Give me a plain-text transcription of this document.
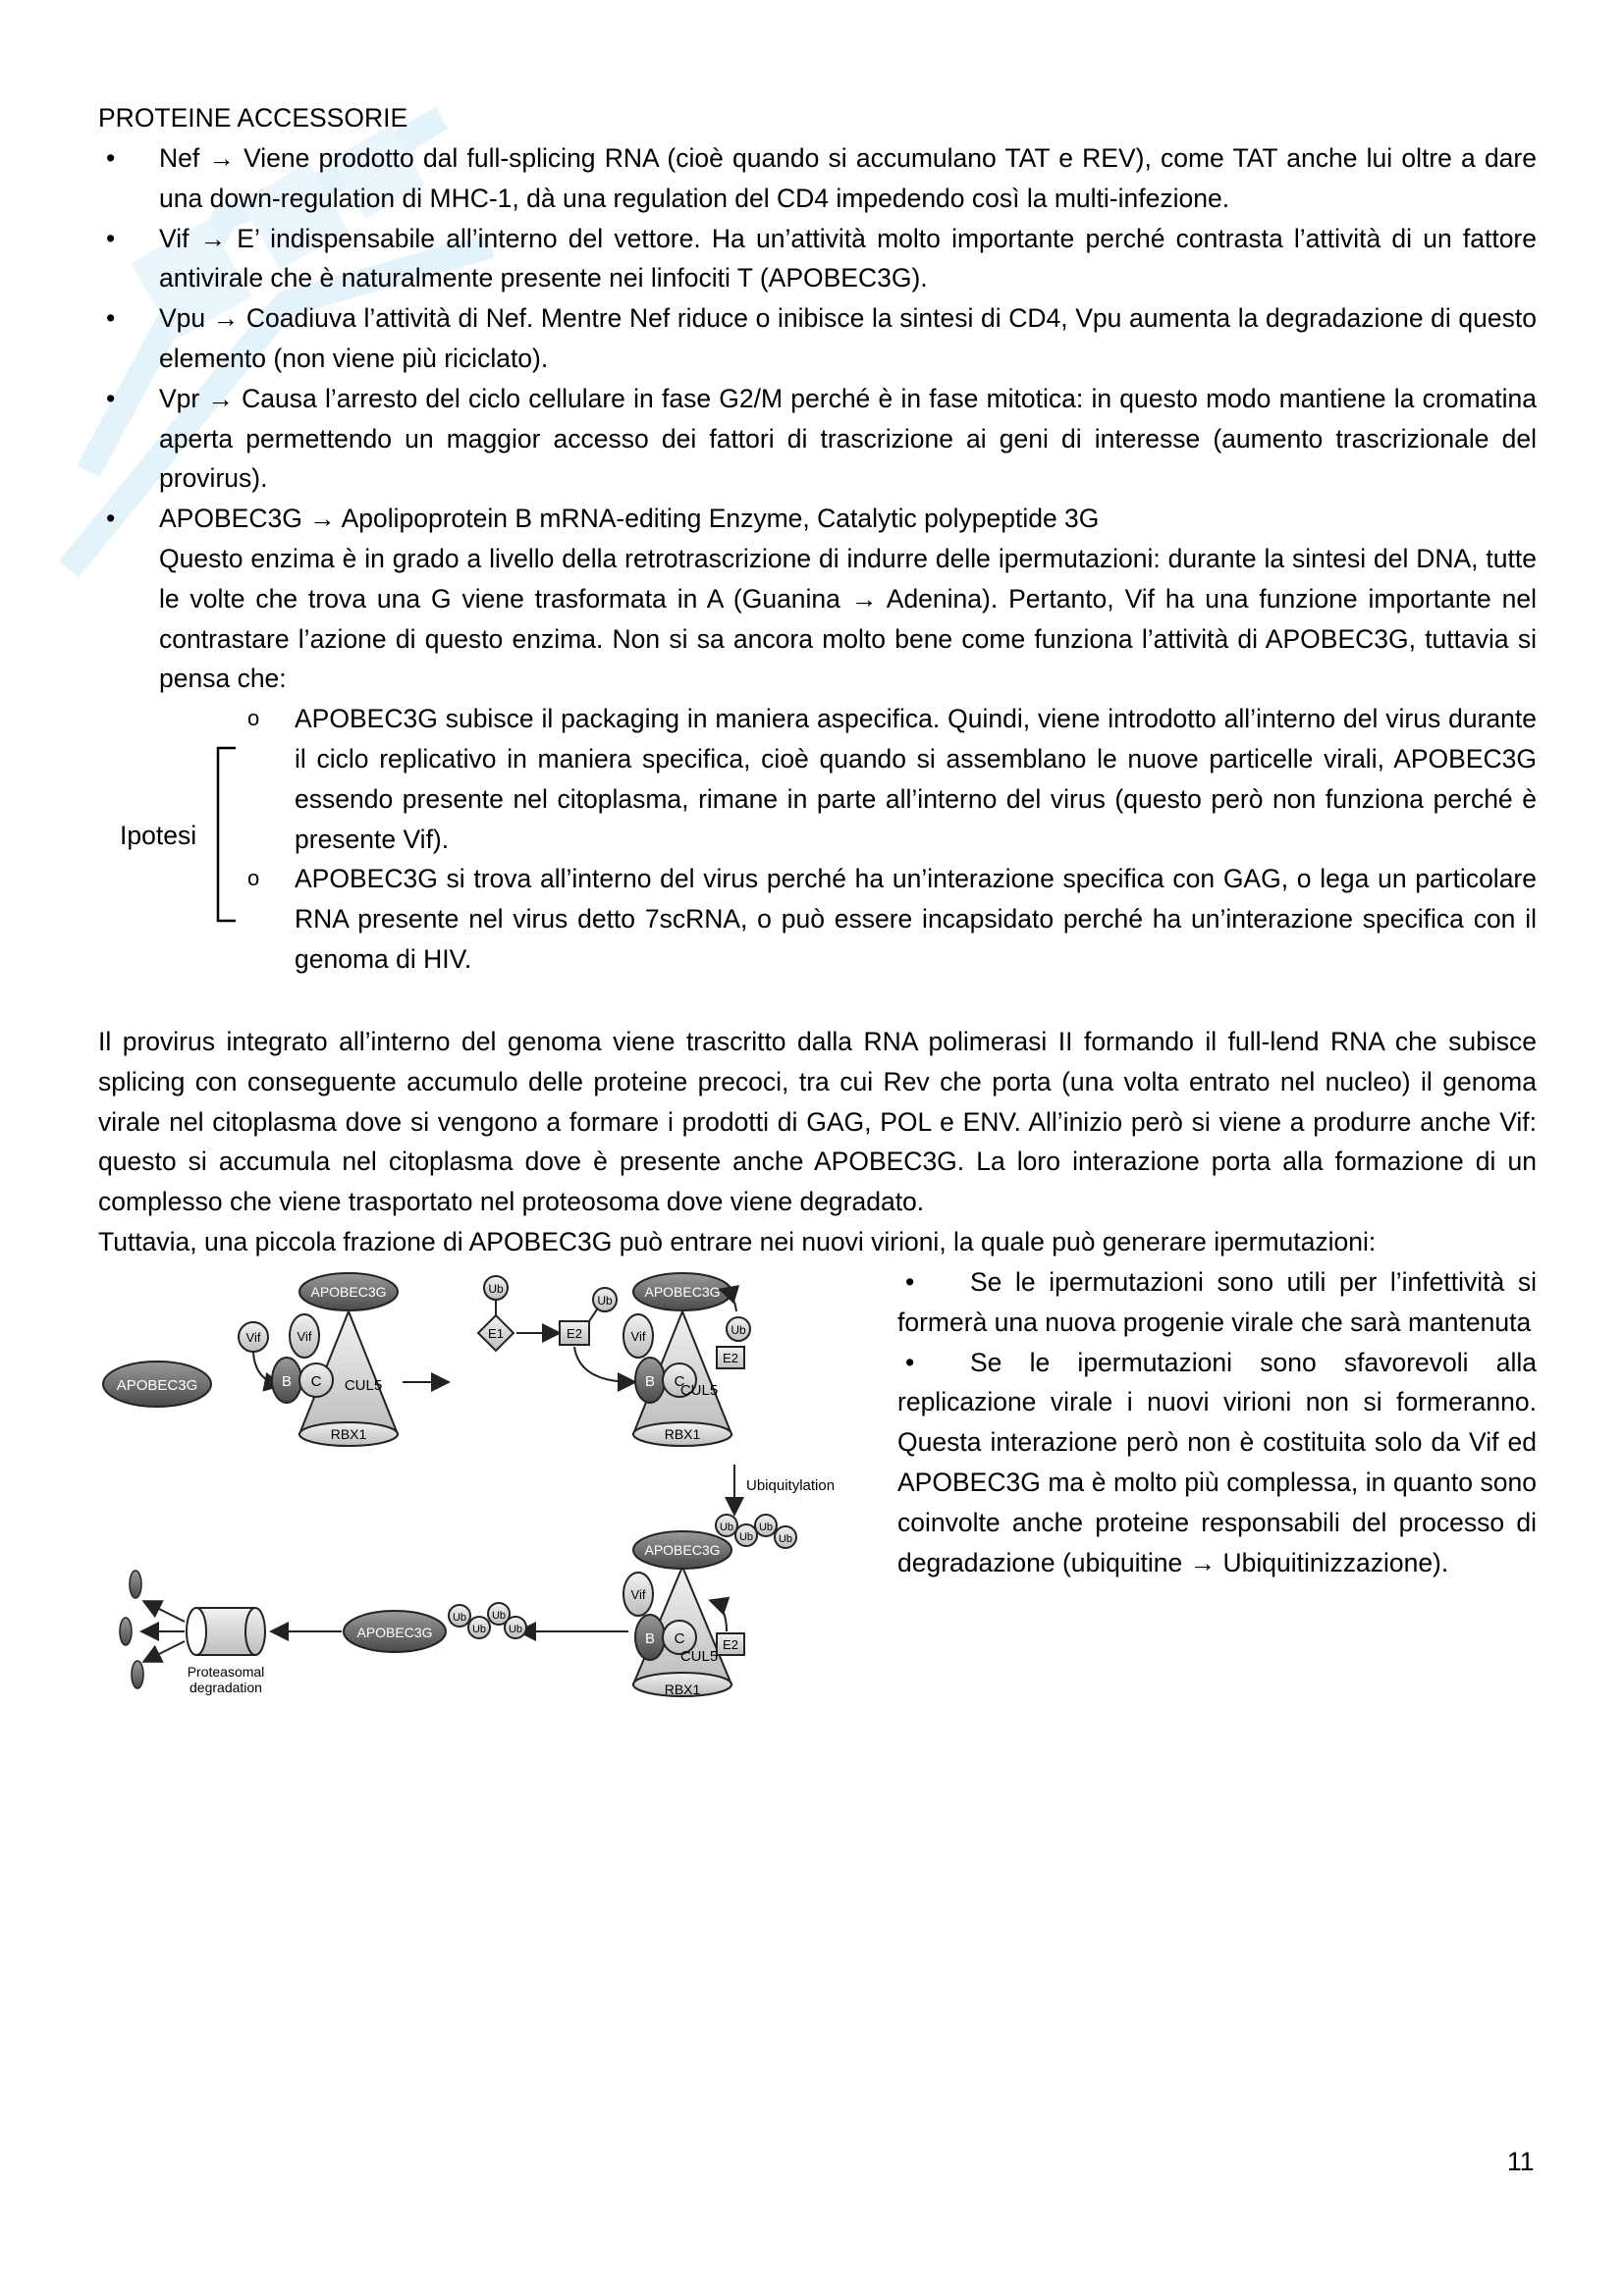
PROTEINE ACCESSORIE
• Nef → Viene prodotto dal full-splicing RNA (cioè quando si accumulano TAT e REV), come TAT anche lui oltre a dare una down-regulation di MHC-1, dà una regulation del CD4 impedendo così la multi-infezione.
• Vif → E’ indispensabile all’interno del vettore. Ha un’attività molto importante perché contrasta l’attività di un fattore antivirale che è naturalmente presente nei linfociti T (APOBEC3G).
• Vpu → Coadiuva l’attività di Nef. Mentre Nef riduce o inibisce la sintesi di CD4, Vpu aumenta la degradazione di questo elemento (non viene più riciclato).
• Vpr → Causa l’arresto del ciclo cellulare in fase G2/M perché è in fase mitotica: in questo modo mantiene la cromatina aperta permettendo un maggior accesso dei fattori di trascrizione ai geni di interesse (aumento trascrizionale del provirus).
• APOBEC3G → Apolipoprotein B mRNA-editing Enzyme, Catalytic polypeptide 3G
Questo enzima è in grado a livello della retrotrascrizione di indurre delle ipermutazioni: durante la sintesi del DNA, tutte le volte che trova una G viene trasformata in A (Guanina → Adenina). Pertanto, Vif ha una funzione importante nel contrastare l’azione di questo enzima. Non si sa ancora molto bene come funziona l’attività di APOBEC3G, tuttavia si pensa che:
o APOBEC3G subisce il packaging in maniera aspecifica. Quindi, viene introdotto all’interno del virus durante il ciclo replicativo in maniera specifica, cioè quando si assemblano le nuove particelle virali, APOBEC3G essendo presente nel citoplasma, rimane in parte all’interno del virus (questo però non funziona perché è presente Vif).
o APOBEC3G si trova all’interno del virus perché ha un’interazione specifica con GAG, o lega un particolare RNA presente nel virus detto 7scRNA, o può essere incapsidato perché ha un’interazione specifica con il genoma di HIV.
Ipotesi

Il provirus integrato all’interno del genoma viene trascritto dalla RNA polimerasi II formando il full-lend RNA che subisce splicing con conseguente accumulo delle proteine precoci, tra cui Rev che porta (una volta entrato nel nucleo) il genoma virale nel citoplasma dove si vengono a formare i prodotti di GAG, POL e ENV. All’inizio però si viene a produrre anche Vif: questo si accumula nel citoplasma dove è presente anche APOBEC3G. La loro interazione porta alla formazione di un complesso che viene trasportato nel proteosoma dove viene degradato.

Tuttavia, una piccola frazione di APOBEC3G può entrare nei nuovi virioni, la quale può generare ipermutazioni:

• Se le ipermutazioni sono utili per l’infettività si formerà una nuova progenie virale che sarà mantenuta

• Se le ipermutazioni sono sfavorevoli alla replicazione virale i nuovi virioni non si formeranno. Questa interazione però non è costituita solo da Vif ed APOBEC3G ma è molto più complessa, in quanto sono coinvolte anche proteine responsabili del processo di degradazione (ubiquitine → Ubiquitinizzazione).

APOBEC3G
Vif
APOBEC3G
Vif
B C CUL5
RBX1
Ub
E1	E2
Ub
APOBEC3G
Vif
B C
E2
Ub
CUL5
RBX1
Ubiquitylation
APOBEC3G
Ub
Ub
Ub
Ub
Vif
B C	E2
CUL5
RBX1
APOBEC3G
Ub
Ub
Ub
Ub
Proteasomal
degradation
11
